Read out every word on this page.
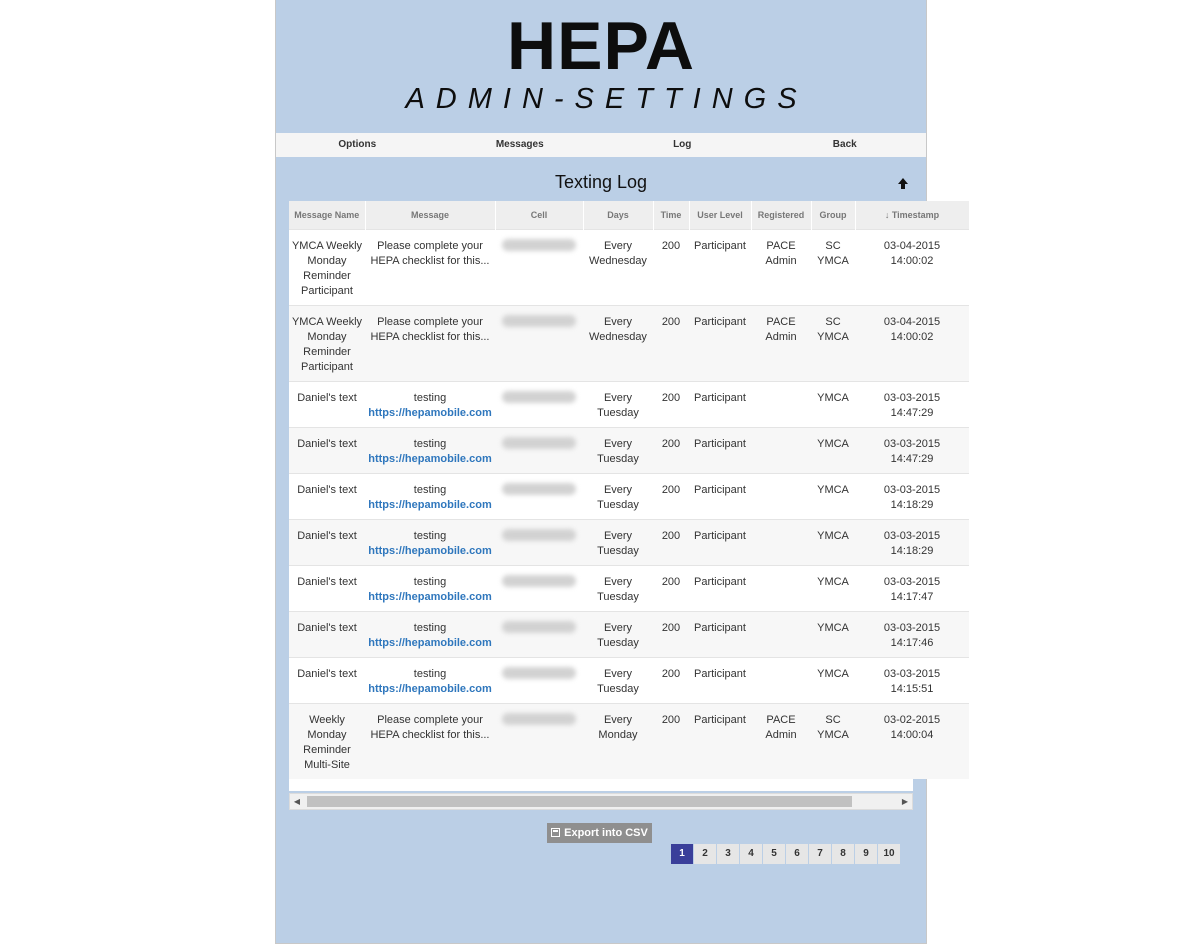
HEPA
ADMIN-SETTINGS
Options	Messages	Log	Back
Texting Log
Message Name	Message	Cell	Days	Time	User Level	Registered	Group	↓ Timestamp
YMCA Weekly Monday Reminder Participant	Please complete your HEPA checklist for this...		Every Wednesday	200	Participant	PACE Admin	SC YMCA	03-04-2015
14:00:02
YMCA Weekly Monday Reminder Participant	Please complete your HEPA checklist for this...		Every Wednesday	200	Participant	PACE Admin	SC YMCA	03-04-2015
14:00:02
Daniel's text	testing
https://hepamobile.com		Every Tuesday	200	Participant		YMCA	03-03-2015
14:47:29
Daniel's text	testing
https://hepamobile.com		Every Tuesday	200	Participant		YMCA	03-03-2015
14:47:29
Daniel's text	testing
https://hepamobile.com		Every Tuesday	200	Participant		YMCA	03-03-2015
14:18:29
Daniel's text	testing
https://hepamobile.com		Every Tuesday	200	Participant		YMCA	03-03-2015
14:18:29
Daniel's text	testing
https://hepamobile.com		Every Tuesday	200	Participant		YMCA	03-03-2015
14:17:47
Daniel's text	testing
https://hepamobile.com		Every Tuesday	200	Participant		YMCA	03-03-2015
14:17:46
Daniel's text	testing
https://hepamobile.com		Every Tuesday	200	Participant		YMCA	03-03-2015
14:15:51
Weekly Monday Reminder Multi-Site	Please complete your HEPA checklist for this...		Every Monday	200	Participant	PACE Admin	SC YMCA	03-02-2015
14:00:04
◀	▶
Export into CSV
1	2	3	4	5	6	7	8	9	10
